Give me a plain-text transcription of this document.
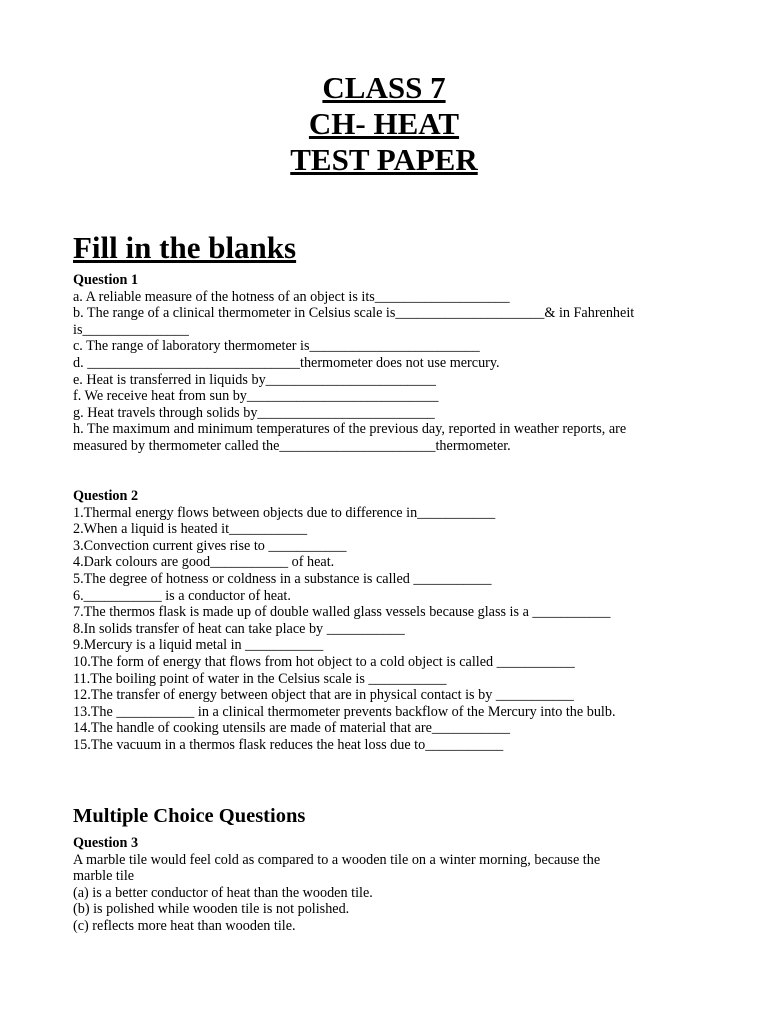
CLASS 7

CH- HEAT

TEST PAPER

Fill in the blanks
Question 1
a. A reliable measure of the hotness of an object is its___________________
b. The range of a clinical thermometer in Celsius scale is_____________________& in Fahrenheit
is_______________
c. The range of laboratory thermometer is________________________
d. ______________________________thermometer does not use mercury.
e. Heat is transferred in liquids by________________________
f. We receive heat from sun by___________________________
g. Heat travels through solids by_________________________
h. The maximum and minimum temperatures of the previous day, reported in weather reports, are
measured by thermometer called the______________________thermometer.
Question 2
1.Thermal energy flows between objects due to difference in___________
2.When a liquid is heated it___________
3.Convection current gives rise to ___________
4.Dark colours are good___________ of heat.
5.The degree of hotness or coldness in a substance is called ___________
6.___________ is a conductor of heat.
7.The thermos flask is made up of double walled glass vessels because glass is a ___________
8.In solids transfer of heat can take place by ___________
9.Mercury is a liquid metal in ___________
10.The form of energy that flows from hot object to a cold object is called ___________
11.The boiling point of water in the Celsius scale is ___________
12.The transfer of energy between object that are in physical contact is by ___________
13.The ___________ in a clinical thermometer prevents backflow of the Mercury into the bulb.
14.The handle of cooking utensils are made of material that are___________
15.The vacuum in a thermos flask reduces the heat loss due to___________
Multiple Choice Questions
Question 3
A marble tile would feel cold as compared to a wooden tile on a winter morning, because the
marble tile
(a) is a better conductor of heat than the wooden tile.
(b) is polished while wooden tile is not polished.
(c) reflects more heat than wooden tile.
